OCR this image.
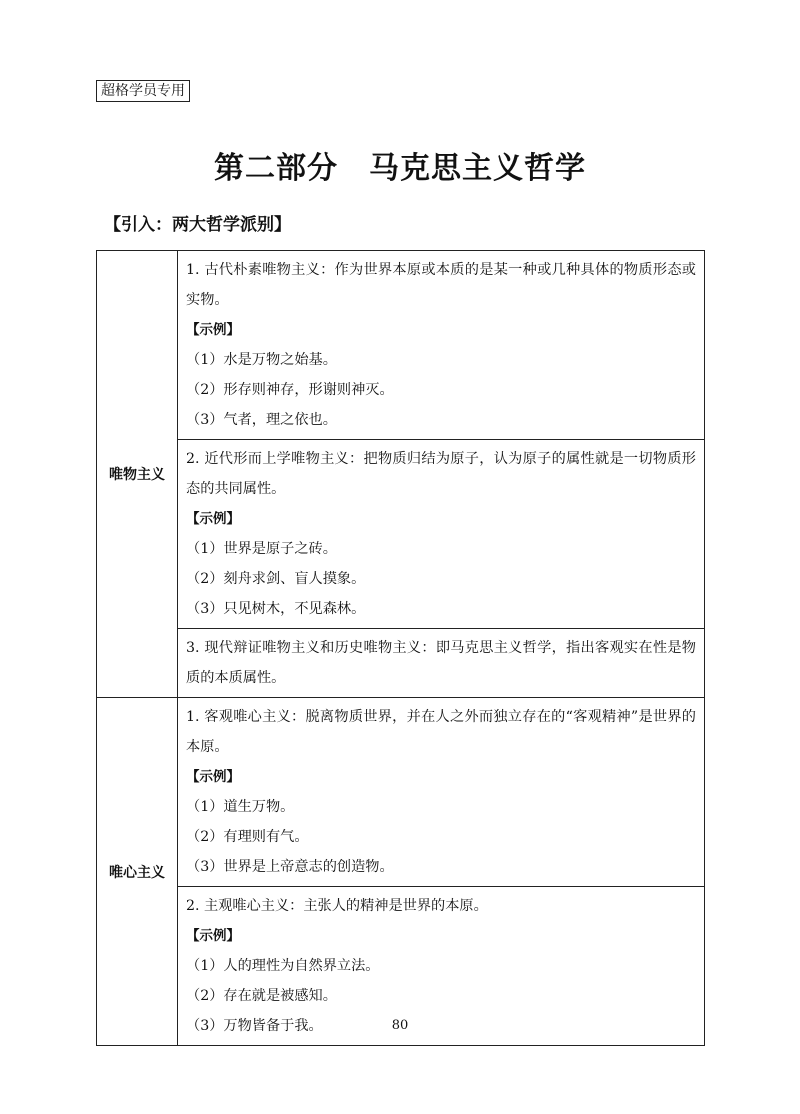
超格学员专用
第二部分　马克思主义哲学
【引入：两大哲学派别】
唯物主义	1. 古代朴素唯物主义：作为世界本原或本质的是某一种或几种具体的物质形态或实物。
【示例】
（1）水是万物之始基。
（2）形存则神存，形谢则神灭。
（3）气者，理之依也。

	2. 近代形而上学唯物主义：把物质归结为原子，认为原子的属性就是一切物质形态的共同属性。
【示例】
（1）世界是原子之砖。
（2）刻舟求剑、盲人摸象。
（3）只见树木，不见森林。

	3. 现代辩证唯物主义和历史唯物主义：即马克思主义哲学，指出客观实在性是物质的本质属性。

唯心主义	1. 客观唯心主义：脱离物质世界，并在人之外而独立存在的“客观精神”是世界的本原。
【示例】
（1）道生万物。
（2）有理则有气。
（3）世界是上帝意志的创造物。

	2. 主观唯心主义：主张人的精神是世界的本原。
【示例】
（1）人的理性为自然界立法。
（2）存在就是被感知。
（3）万物皆备于我。	80
